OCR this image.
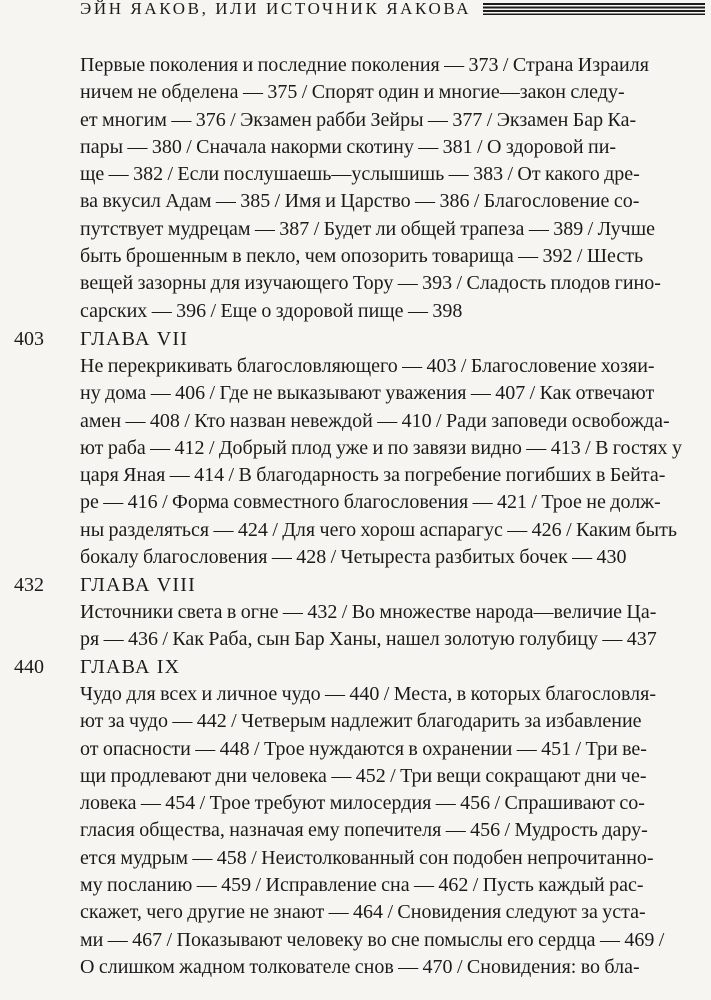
ЭЙН ЯАКОВ, ИЛИ ИСТОЧНИК ЯАКОВА
Первые поколения и последние поколения — 373 / Страна Израиля
ничем не обделена — 375 / Спорят один и многие—закон следу-
ет многим — 376 / Экзамен рабби Зейры — 377 / Экзамен Бар Ка-
пары — 380 / Сначала накорми скотину — 381 / О здоровой пи-
ще — 382 / Если послушаешь—услышишь — 383 / От какого дре-
ва вкусил Адам — 385 / Имя и Царство — 386 / Благословение со-
путствует мудрецам — 387 / Будет ли общей трапеза — 389 / Лучше
быть брошенным в пекло, чем опозорить товарища — 392 / Шесть
вещей зазорны для изучающего Тору — 393 / Сладость плодов гино-
сарских — 396 / Еще о здоровой пище — 398
403 ГЛАВА VII
Не перекрикивать благословляющего — 403 / Благословение хозяи-
ну дома — 406 / Где не выказывают уважения — 407 / Как отвечают
амен — 408 / Кто назван невеждой — 410 / Ради заповеди освобожда-
ют раба — 412 / Добрый плод уже и по завязи видно — 413 / В гостях у
царя Яная — 414 / В благодарность за погребение погибших в Бейта-
ре — 416 / Форма совместного благословения — 421 / Трое не долж-
ны разделяться — 424 / Для чего хорош аспарагус — 426 / Каким быть
бокалу благословения — 428 / Четыреста разбитых бочек — 430
432 ГЛАВА VIII
Источники света в огне — 432 / Во множестве народа—величие Ца-
ря — 436 / Как Раба, сын Бар Ханы, нашел золотую голубицу — 437
440 ГЛАВА IX
Чудо для всех и личное чудо — 440 / Места, в которых благословля-
ют за чудо — 442 / Четверым надлежит благодарить за избавление
от опасности — 448 / Трое нуждаются в охранении — 451 / Три ве-
щи продлевают дни человека — 452 / Три вещи сокращают дни че-
ловека — 454 / Трое требуют милосердия — 456 / Спрашивают со-
гласия общества, назначая ему попечителя — 456 / Мудрость дару-
ется мудрым — 458 / Неистолкованный сон подобен непрочитанно-
му посланию — 459 / Исправление сна — 462 / Пусть каждый рас-
скажет, чего другие не знают — 464 / Сновидения следуют за уста-
ми — 467 / Показывают человеку во сне помыслы его сердца — 469 /
О слишком жадном толкователе снов — 470 / Сновидения: во бла-
